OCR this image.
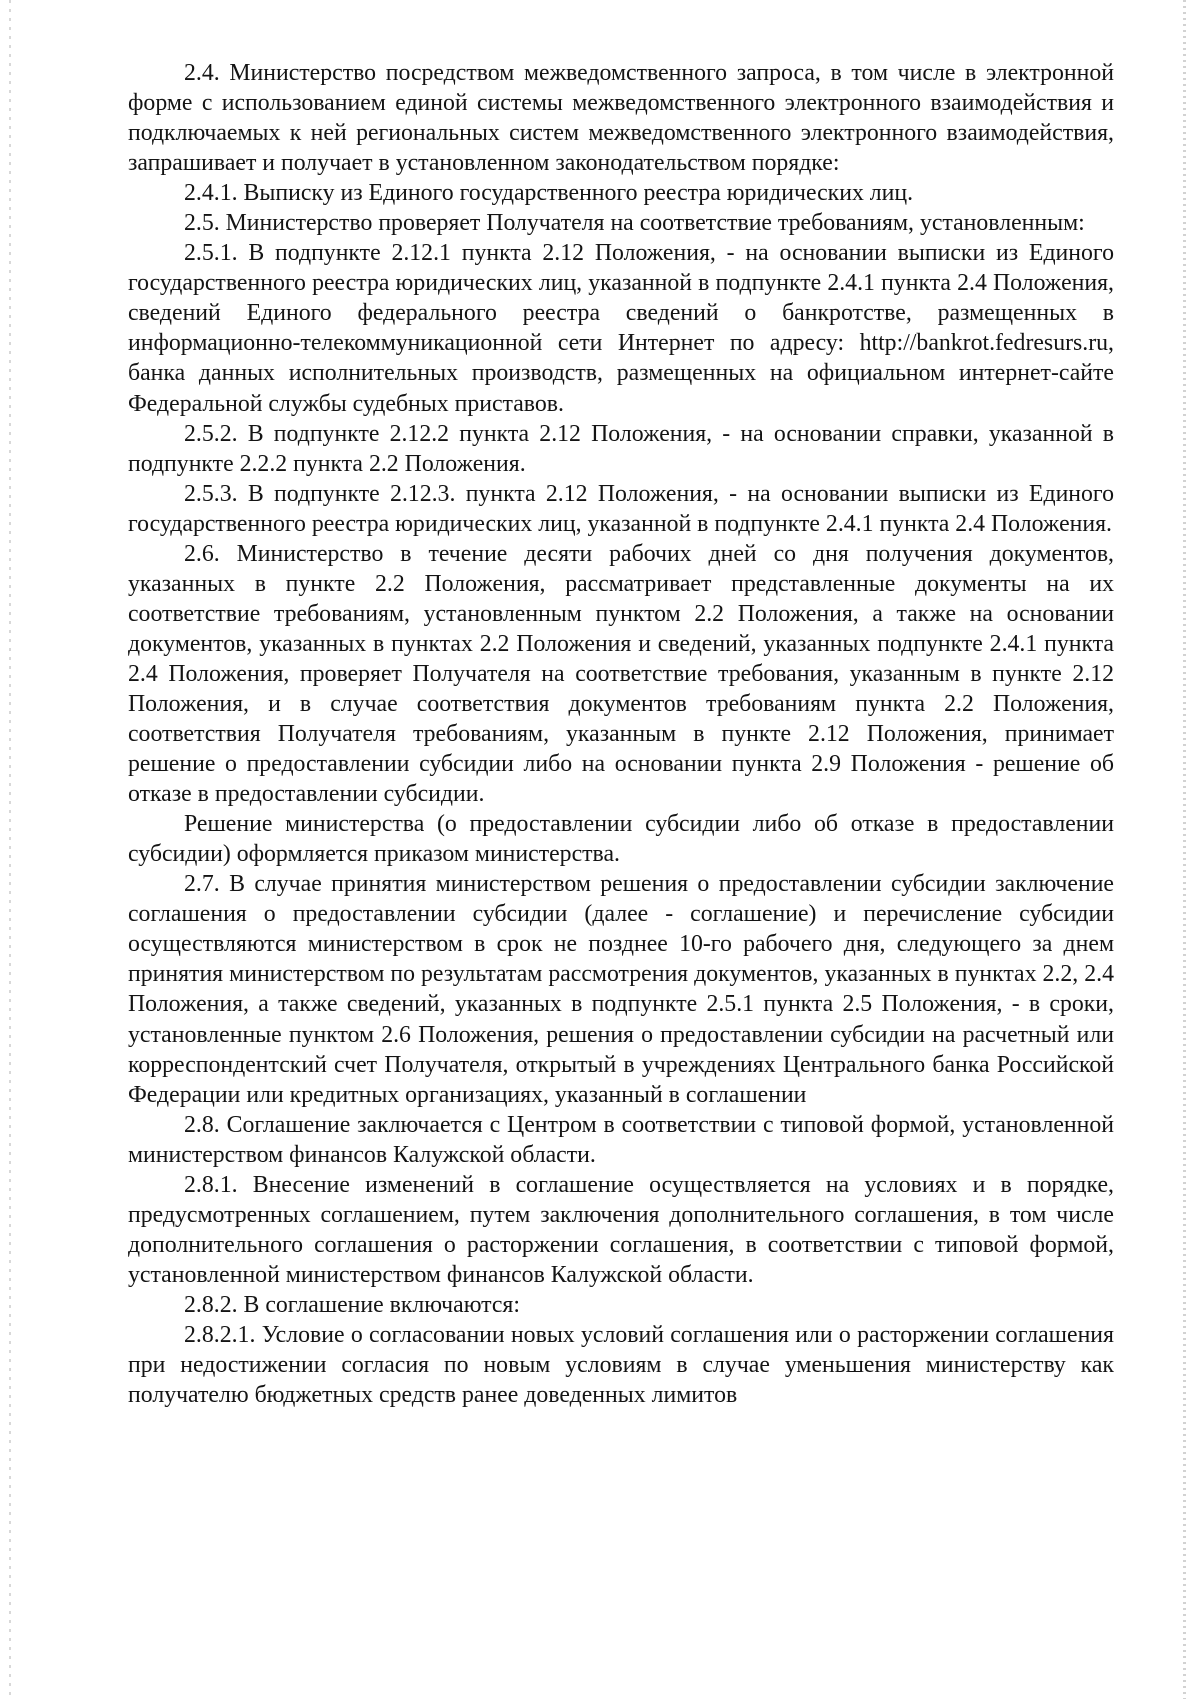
2.4. Министерство посредством межведомственного запроса, в том числе в электронной форме с использованием единой системы межведомственного электронного взаимодействия и подключаемых к ней региональных систем межведомственного электронного взаимодействия, запрашивает и получает в установленном законодательством порядке:

2.4.1. Выписку из Единого государственного реестра юридических лиц.

2.5. Министерство проверяет Получателя на соответствие требованиям, установленным:

2.5.1. В подпункте 2.12.1 пункта 2.12 Положения, - на основании выписки из Единого государственного реестра юридических лиц, указанной в подпункте 2.4.1 пункта 2.4 Положения, сведений Единого федерального реестра сведений о банкротстве, размещенных в информационно-телекоммуникационной сети Интернет по адресу: http://bankrot.fedresurs.ru, банка данных исполнительных производств, размещенных на официальном интернет-сайте Федеральной службы судебных приставов.

2.5.2. В подпункте 2.12.2 пункта 2.12 Положения, - на основании справки, указанной в подпункте 2.2.2 пункта 2.2 Положения.

2.5.3. В подпункте 2.12.3. пункта 2.12 Положения, - на основании выписки из Единого государственного реестра юридических лиц, указанной в подпункте 2.4.1 пункта 2.4 Положения.

2.6. Министерство в течение десяти рабочих дней со дня получения документов, указанных в пункте 2.2 Положения, рассматривает представленные документы на их соответствие требованиям, установленным пунктом 2.2 Положения, а также на основании документов, указанных в пунктах 2.2 Положения и сведений, указанных подпункте 2.4.1 пункта 2.4 Положения, проверяет Получателя на соответствие требования, указанным в пункте 2.12 Положения, и в случае соответствия документов требованиям пункта 2.2 Положения, соответствия Получателя требованиям, указанным в пункте 2.12 Положения, принимает решение о предоставлении субсидии либо на основании пункта 2.9 Положения - решение об отказе в предоставлении субсидии.

Решение министерства (о предоставлении субсидии либо об отказе в предоставлении субсидии) оформляется приказом министерства.

2.7. В случае принятия министерством решения о предоставлении субсидии заключение соглашения о предоставлении субсидии (далее - соглашение) и перечисление субсидии осуществляются министерством в срок не позднее 10-го рабочего дня, следующего за днем принятия министерством по результатам рассмотрения документов, указанных в пунктах 2.2, 2.4 Положения, а также сведений, указанных в подпункте 2.5.1 пункта 2.5 Положения, - в сроки, установленные пунктом 2.6 Положения, решения о предоставлении субсидии на расчетный или корреспондентский счет Получателя, открытый в учреждениях Центрального банка Российской Федерации или кредитных организациях, указанный в соглашении

2.8. Соглашение заключается с Центром в соответствии с типовой формой, установленной министерством финансов Калужской области.

2.8.1. Внесение изменений в соглашение осуществляется на условиях и в порядке, предусмотренных соглашением, путем заключения дополнительного соглашения, в том числе дополнительного соглашения о расторжении соглашения, в соответствии с типовой формой, установленной министерством финансов Калужской области.

2.8.2. В соглашение включаются:

2.8.2.1. Условие о согласовании новых условий соглашения или о расторжении соглашения при недостижении согласия по новым условиям в случае уменьшения министерству как получателю бюджетных средств ранее доведенных лимитов
